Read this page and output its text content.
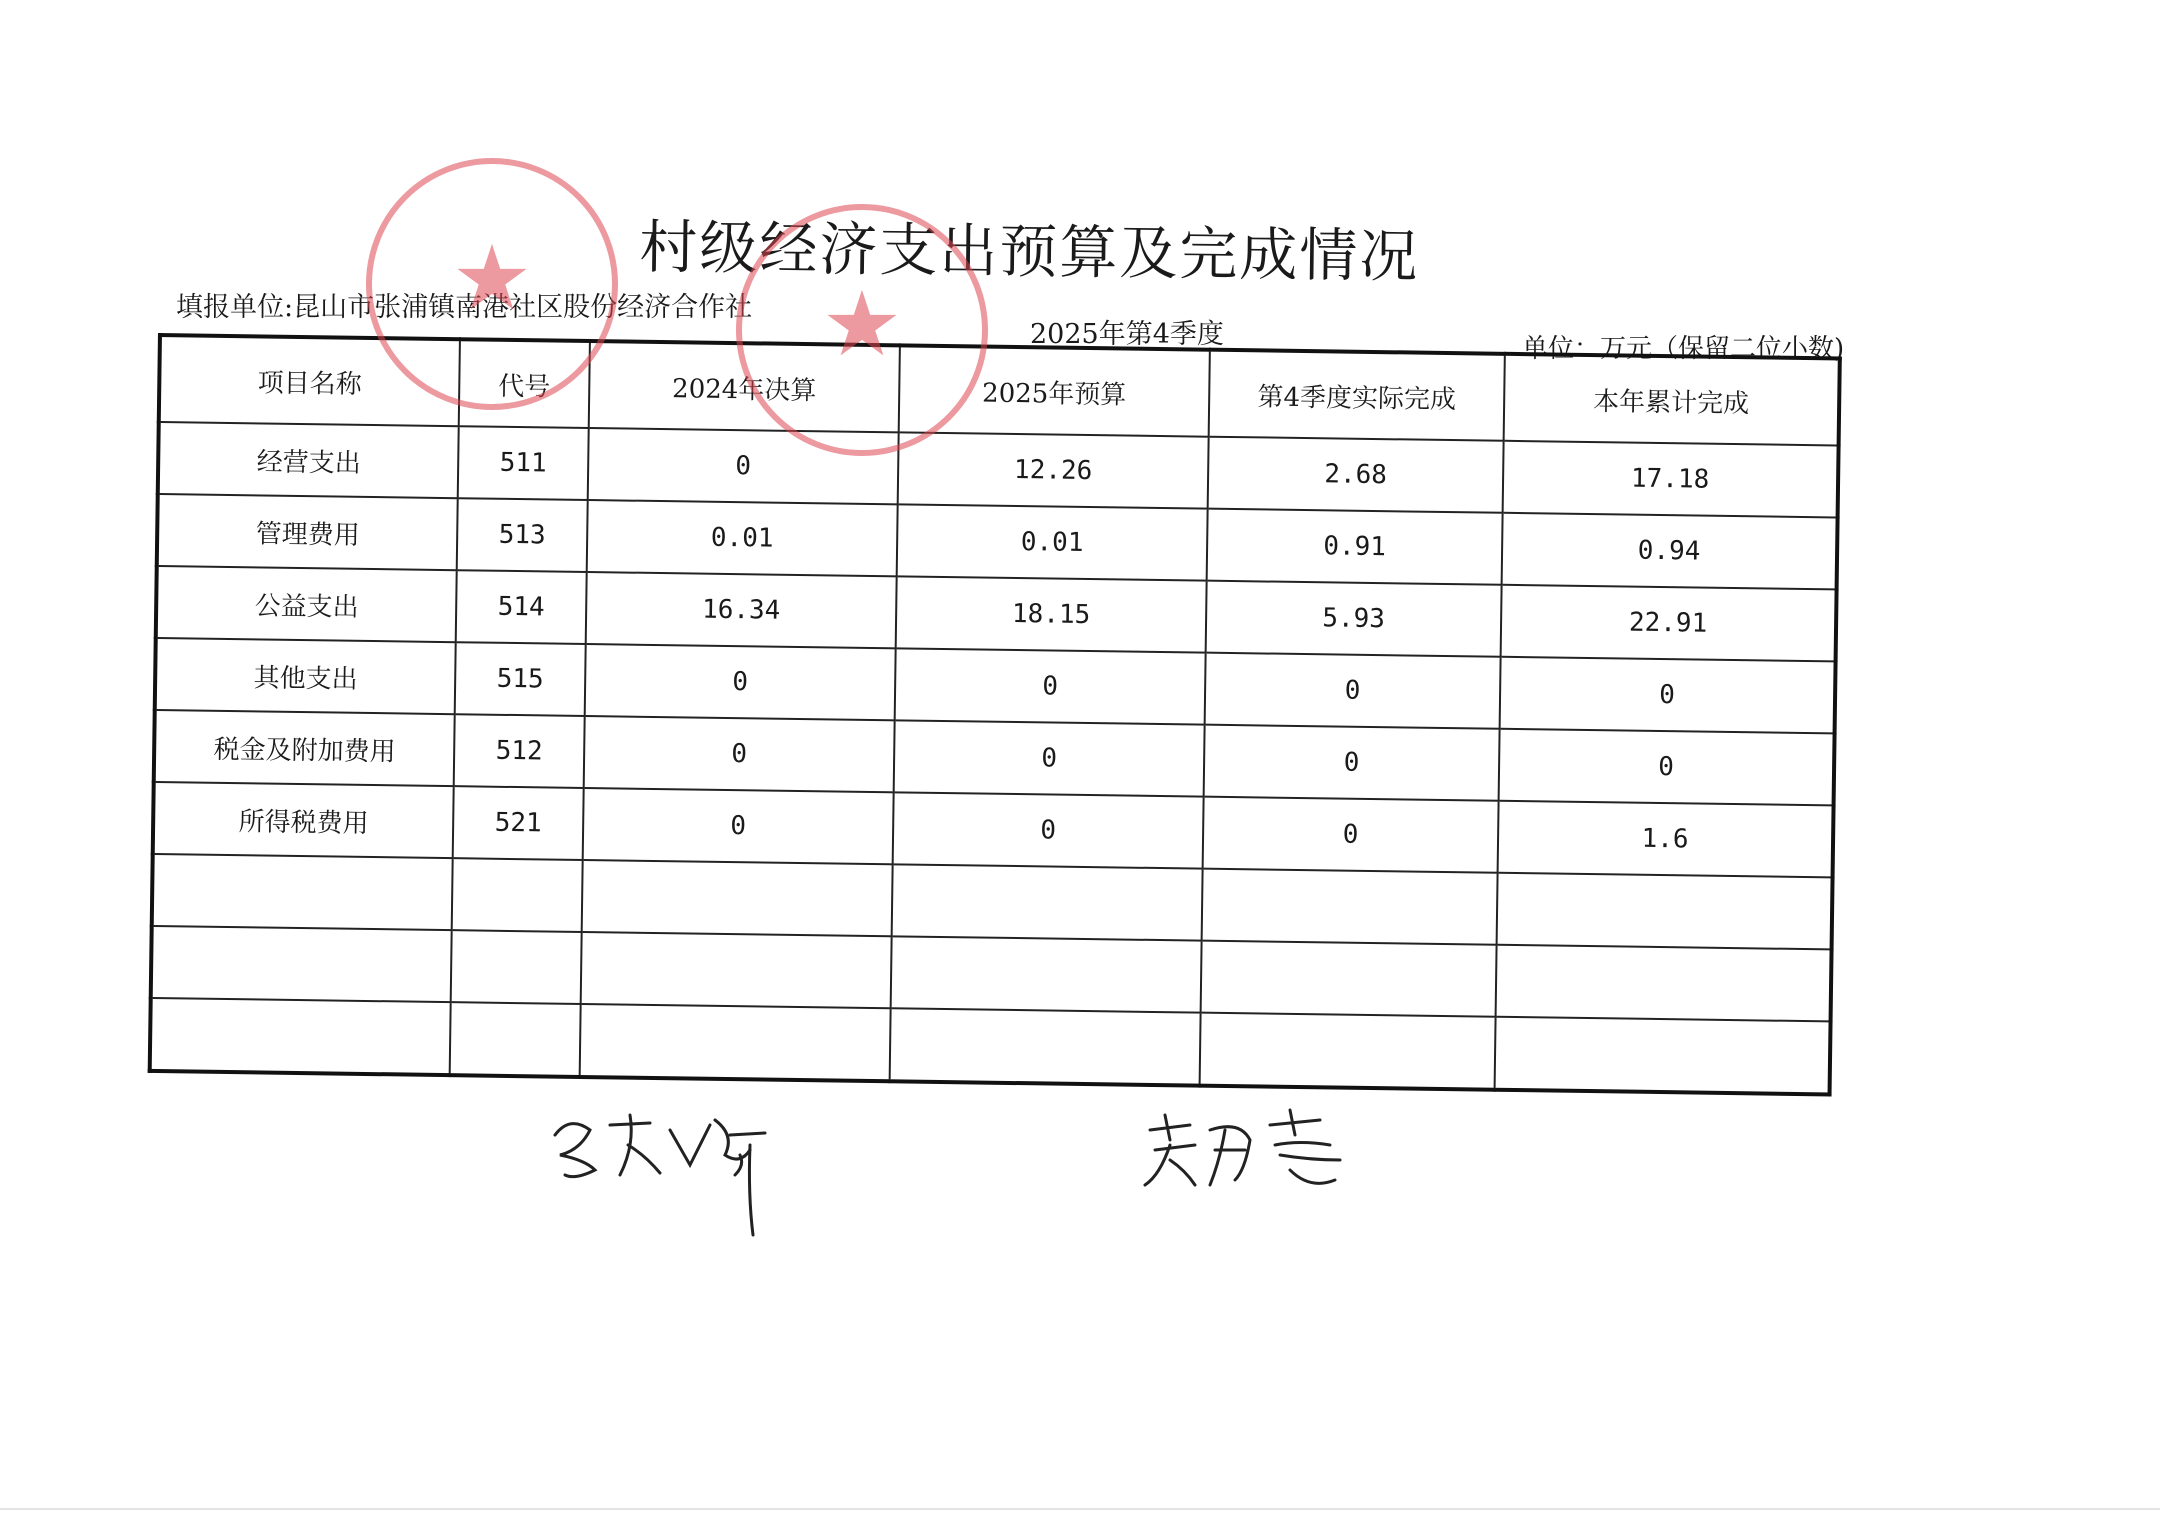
村级经济支出预算及完成情况
填报单位:昆山市张浦镇南港社区股份经济合作社
2025年第4季度	单位：万元（保留二位小数)
项目名称	代号	2024年决算	2025年预算	第4季度实际完成	本年累计完成
经营支出	511	0	12.26	2.68	17.18
管理费用	513	0.01	0.01	0.91	0.94
公益支出	514	16.34	18.15	5.93	22.91
其他支出	515	0	0	0	0
税金及附加费用	512	0	0	0	0
所得税费用	521	0	0	0	1.6

★	★
